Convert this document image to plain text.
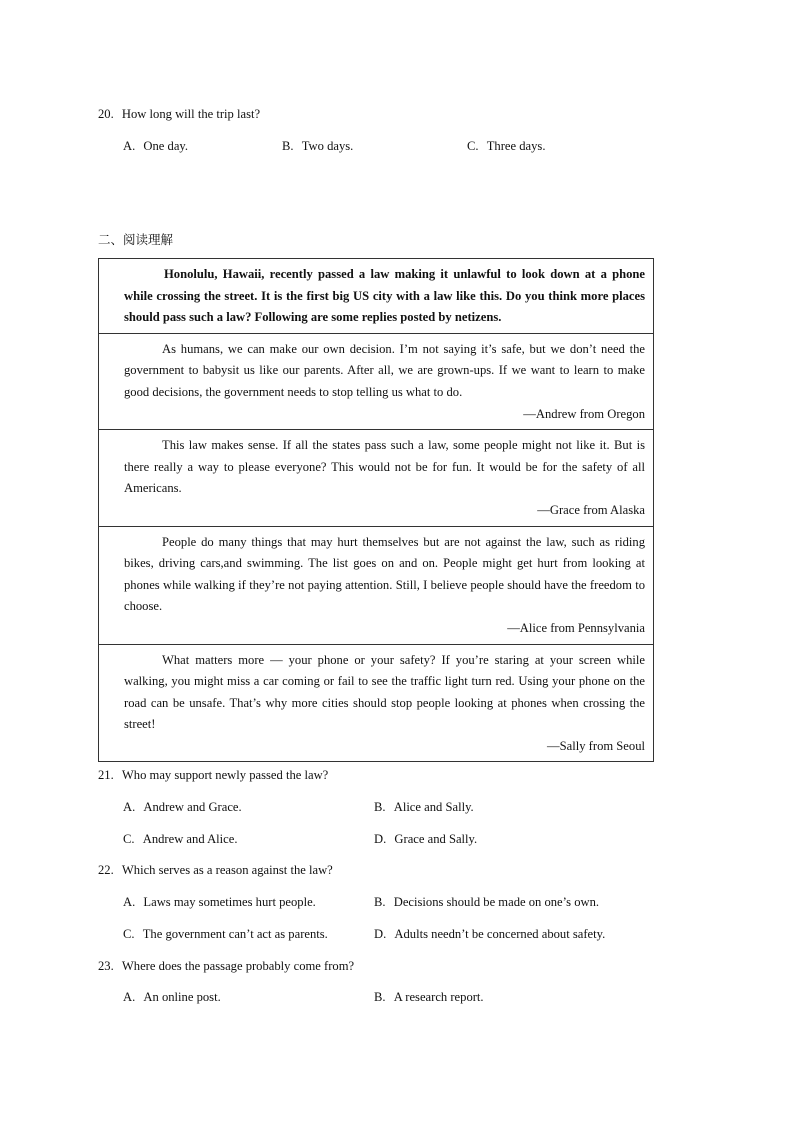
20. How long will the trip last?
A. One day.	B. Two days.	C. Three days.
二、阅读理解
Honolulu, Hawaii, recently passed a law making it unlawful to look down at a phone while crossing the street. It is the first big US city with a law like this. Do you think more places should pass such a law? Following are some replies posted by netizens.

As humans, we can make our own decision. I’m not saying it’s safe, but we don’t need the government to babysit us like our parents. After all, we are grown-ups. If we want to learn to make good decisions, the government needs to stop telling us what to do.
—Andrew from Oregon

This law makes sense. If all the states pass such a law, some people might not like it. But is there really a way to please everyone? This would not be for fun. It would be for the safety of all Americans.
—Grace from Alaska

People do many things that may hurt themselves but are not against the law, such as riding bikes, driving cars,and swimming. The list goes on and on. People might get hurt from looking at phones while walking if they’re not paying attention. Still, I believe people should have the freedom to choose.
—Alice from Pennsylvania

What matters more — your phone or your safety? If you’re staring at your screen while walking, you might miss a car coming or fail to see the traffic light turn red. Using your phone on the road can be unsafe. That’s why more cities should stop people looking at phones when crossing the street!
—Sally from Seoul
21. Who may support newly passed the law?
A. Andrew and Grace.	B. Alice and Sally.
C. Andrew and Alice.	D. Grace and Sally.
22. Which serves as a reason against the law?
A. Laws may sometimes hurt people.	B. Decisions should be made on one’s own.
C. The government can’t act as parents.	D. Adults needn’t be concerned about safety.
23. Where does the passage probably come from?
A. An online post.	B. A research report.
